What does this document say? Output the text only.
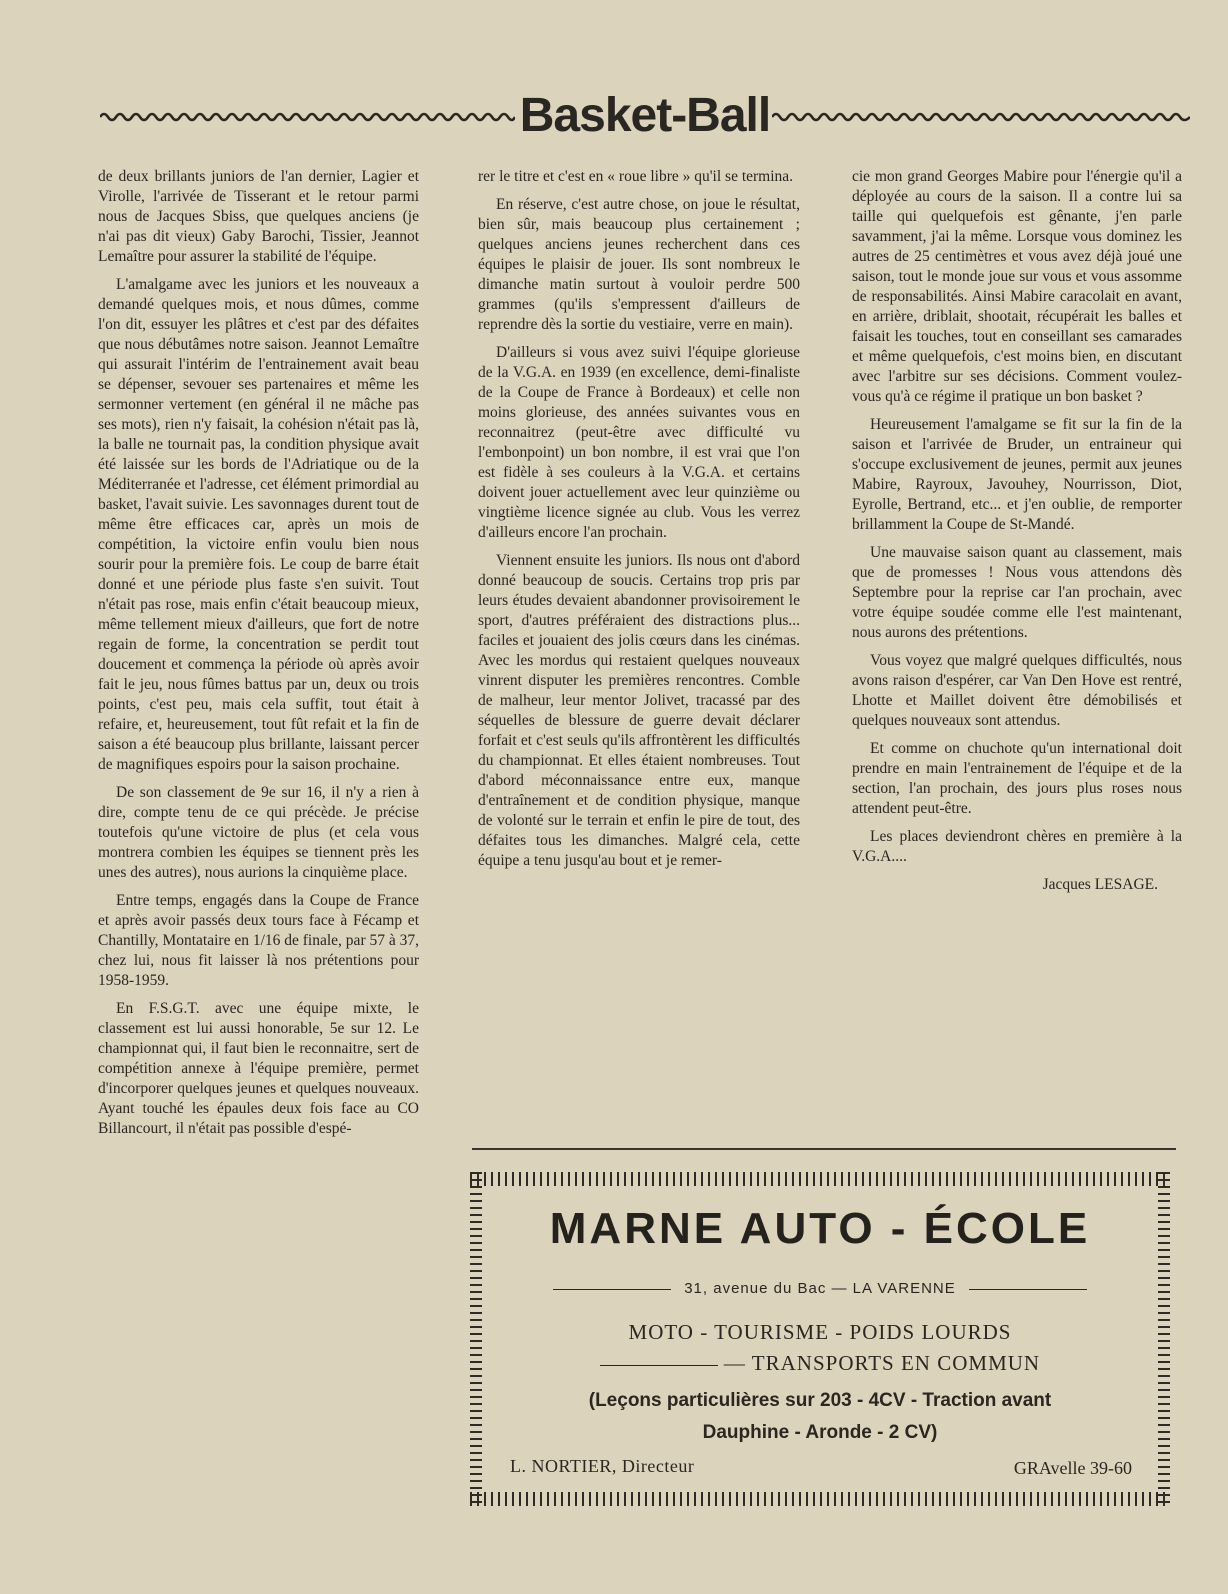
Basket-Ball

de deux brillants juniors de l'an dernier, Lagier et Virolle, l'arrivée de Tisserant et le retour parmi nous de Jacques Sbiss, que quelques anciens (je n'ai pas dit vieux) Gaby Barochi, Tissier, Jeannot Lemaître pour assurer la stabilité de l'équipe.

L'amalgame avec les juniors et les nouveaux a demandé quelques mois, et nous dûmes, comme l'on dit, essuyer les plâtres et c'est par des défaites que nous débutâmes notre saison. Jeannot Lemaître qui assurait l'intérim de l'entrainement avait beau se dépenser, sevouer ses partenaires et même les sermonner vertement (en général il ne mâche pas ses mots), rien n'y faisait, la cohésion n'était pas là, la balle ne tournait pas, la condition physique avait été laissée sur les bords de l'Adriatique ou de la Méditerranée et l'adresse, cet élément primordial au basket, l'avait suivie. Les savonnages durent tout de même être efficaces car, après un mois de compétition, la victoire enfin voulu bien nous sourir pour la première fois. Le coup de barre était donné et une période plus faste s'en suivit. Tout n'était pas rose, mais enfin c'était beaucoup mieux, même tellement mieux d'ailleurs, que fort de notre regain de forme, la concentration se perdit tout doucement et commença la période où après avoir fait le jeu, nous fûmes battus par un, deux ou trois points, c'est peu, mais cela suffit, tout était à refaire, et, heureusement, tout fût refait et la fin de saison a été beaucoup plus brillante, laissant percer de magnifiques espoirs pour la saison prochaine.

De son classement de 9e sur 16, il n'y a rien à dire, compte tenu de ce qui précède. Je précise toutefois qu'une victoire de plus (et cela vous montrera combien les équipes se tiennent près les unes des autres), nous aurions la cinquième place.

Entre temps, engagés dans la Coupe de France et après avoir passés deux tours face à Fécamp et Chantilly, Montataire en 1/16 de finale, par 57 à 37, chez lui, nous fit laisser là nos prétentions pour 1958-1959.

En F.S.G.T. avec une équipe mixte, le classement est lui aussi honorable, 5e sur 12. Le championnat qui, il faut bien le reconnaitre, sert de compétition annexe à l'équipe première, permet d'incorporer quelques jeunes et quelques nouveaux. Ayant touché les épaules deux fois face au CO Billancourt, il n'était pas possible d'espé-

rer le titre et c'est en « roue libre » qu'il se termina.

En réserve, c'est autre chose, on joue le résultat, bien sûr, mais beaucoup plus certainement ; quelques anciens jeunes recherchent dans ces équipes le plaisir de jouer. Ils sont nombreux le dimanche matin surtout à vouloir perdre 500 grammes (qu'ils s'empressent d'ailleurs de reprendre dès la sortie du vestiaire, verre en main).

D'ailleurs si vous avez suivi l'équipe glorieuse de la V.G.A. en 1939 (en excellence, demi-finaliste de la Coupe de France à Bordeaux) et celle non moins glorieuse, des années suivantes vous en reconnaitrez (peut-être avec difficulté vu l'embonpoint) un bon nombre, il est vrai que l'on est fidèle à ses couleurs à la V.G.A. et certains doivent jouer actuellement avec leur quinzième ou vingtième licence signée au club. Vous les verrez d'ailleurs encore l'an prochain.

Viennent ensuite les juniors. Ils nous ont d'abord donné beaucoup de soucis. Certains trop pris par leurs études devaient abandonner provisoirement le sport, d'autres préféraient des distractions plus... faciles et jouaient des jolis cœurs dans les cinémas. Avec les mordus qui restaient quelques nouveaux vinrent disputer les premières rencontres. Comble de malheur, leur mentor Jolivet, tracassé par des séquelles de blessure de guerre devait déclarer forfait et c'est seuls qu'ils affrontèrent les difficultés du championnat. Et elles étaient nombreuses. Tout d'abord méconnaissance entre eux, manque d'entraînement et de condition physique, manque de volonté sur le terrain et enfin le pire de tout, des défaites tous les dimanches. Malgré cela, cette équipe a tenu jusqu'au bout et je remer-

cie mon grand Georges Mabire pour l'énergie qu'il a déployée au cours de la saison. Il a contre lui sa taille qui quelquefois est gênante, j'en parle savamment, j'ai la même. Lorsque vous dominez les autres de 25 centimètres et vous avez déjà joué une saison, tout le monde joue sur vous et vous assomme de responsabilités. Ainsi Mabire caracolait en avant, en arrière, driblait, shootait, récupérait les balles et faisait les touches, tout en conseillant ses camarades et même quelquefois, c'est moins bien, en discutant avec l'arbitre sur ses décisions. Comment voulez-vous qu'à ce régime il pratique un bon basket ?

Heureusement l'amalgame se fit sur la fin de la saison et l'arrivée de Bruder, un entraineur qui s'occupe exclusivement de jeunes, permit aux jeunes Mabire, Rayroux, Javouhey, Nourrisson, Diot, Eyrolle, Bertrand, etc... et j'en oublie, de remporter brillamment la Coupe de St-Mandé.

Une mauvaise saison quant au classement, mais que de promesses ! Nous vous attendons dès Septembre pour la reprise car l'an prochain, avec votre équipe soudée comme elle l'est maintenant, nous aurons des prétentions.

Vous voyez que malgré quelques difficultés, nous avons raison d'espérer, car Van Den Hove est rentré, Lhotte et Maillet doivent être démobilisés et quelques nouveaux sont attendus.

Et comme on chuchote qu'un international doit prendre en main l'entrainement de l'équipe et de la section, l'an prochain, des jours plus roses nous attendent peut-être.

Les places deviendront chères en première à la V.G.A....

Jacques LESAGE.
MARNE AUTO - ÉCOLE
31, avenue du Bac — LA VARENNE
MOTO - TOURISME - POIDS LOURDS
— TRANSPORTS EN COMMUN
(Leçons particulières sur 203 - 4CV - Traction avant
Dauphine - Aronde - 2 CV)
L. NORTIER, Directeur	GRAvelle 39-60
